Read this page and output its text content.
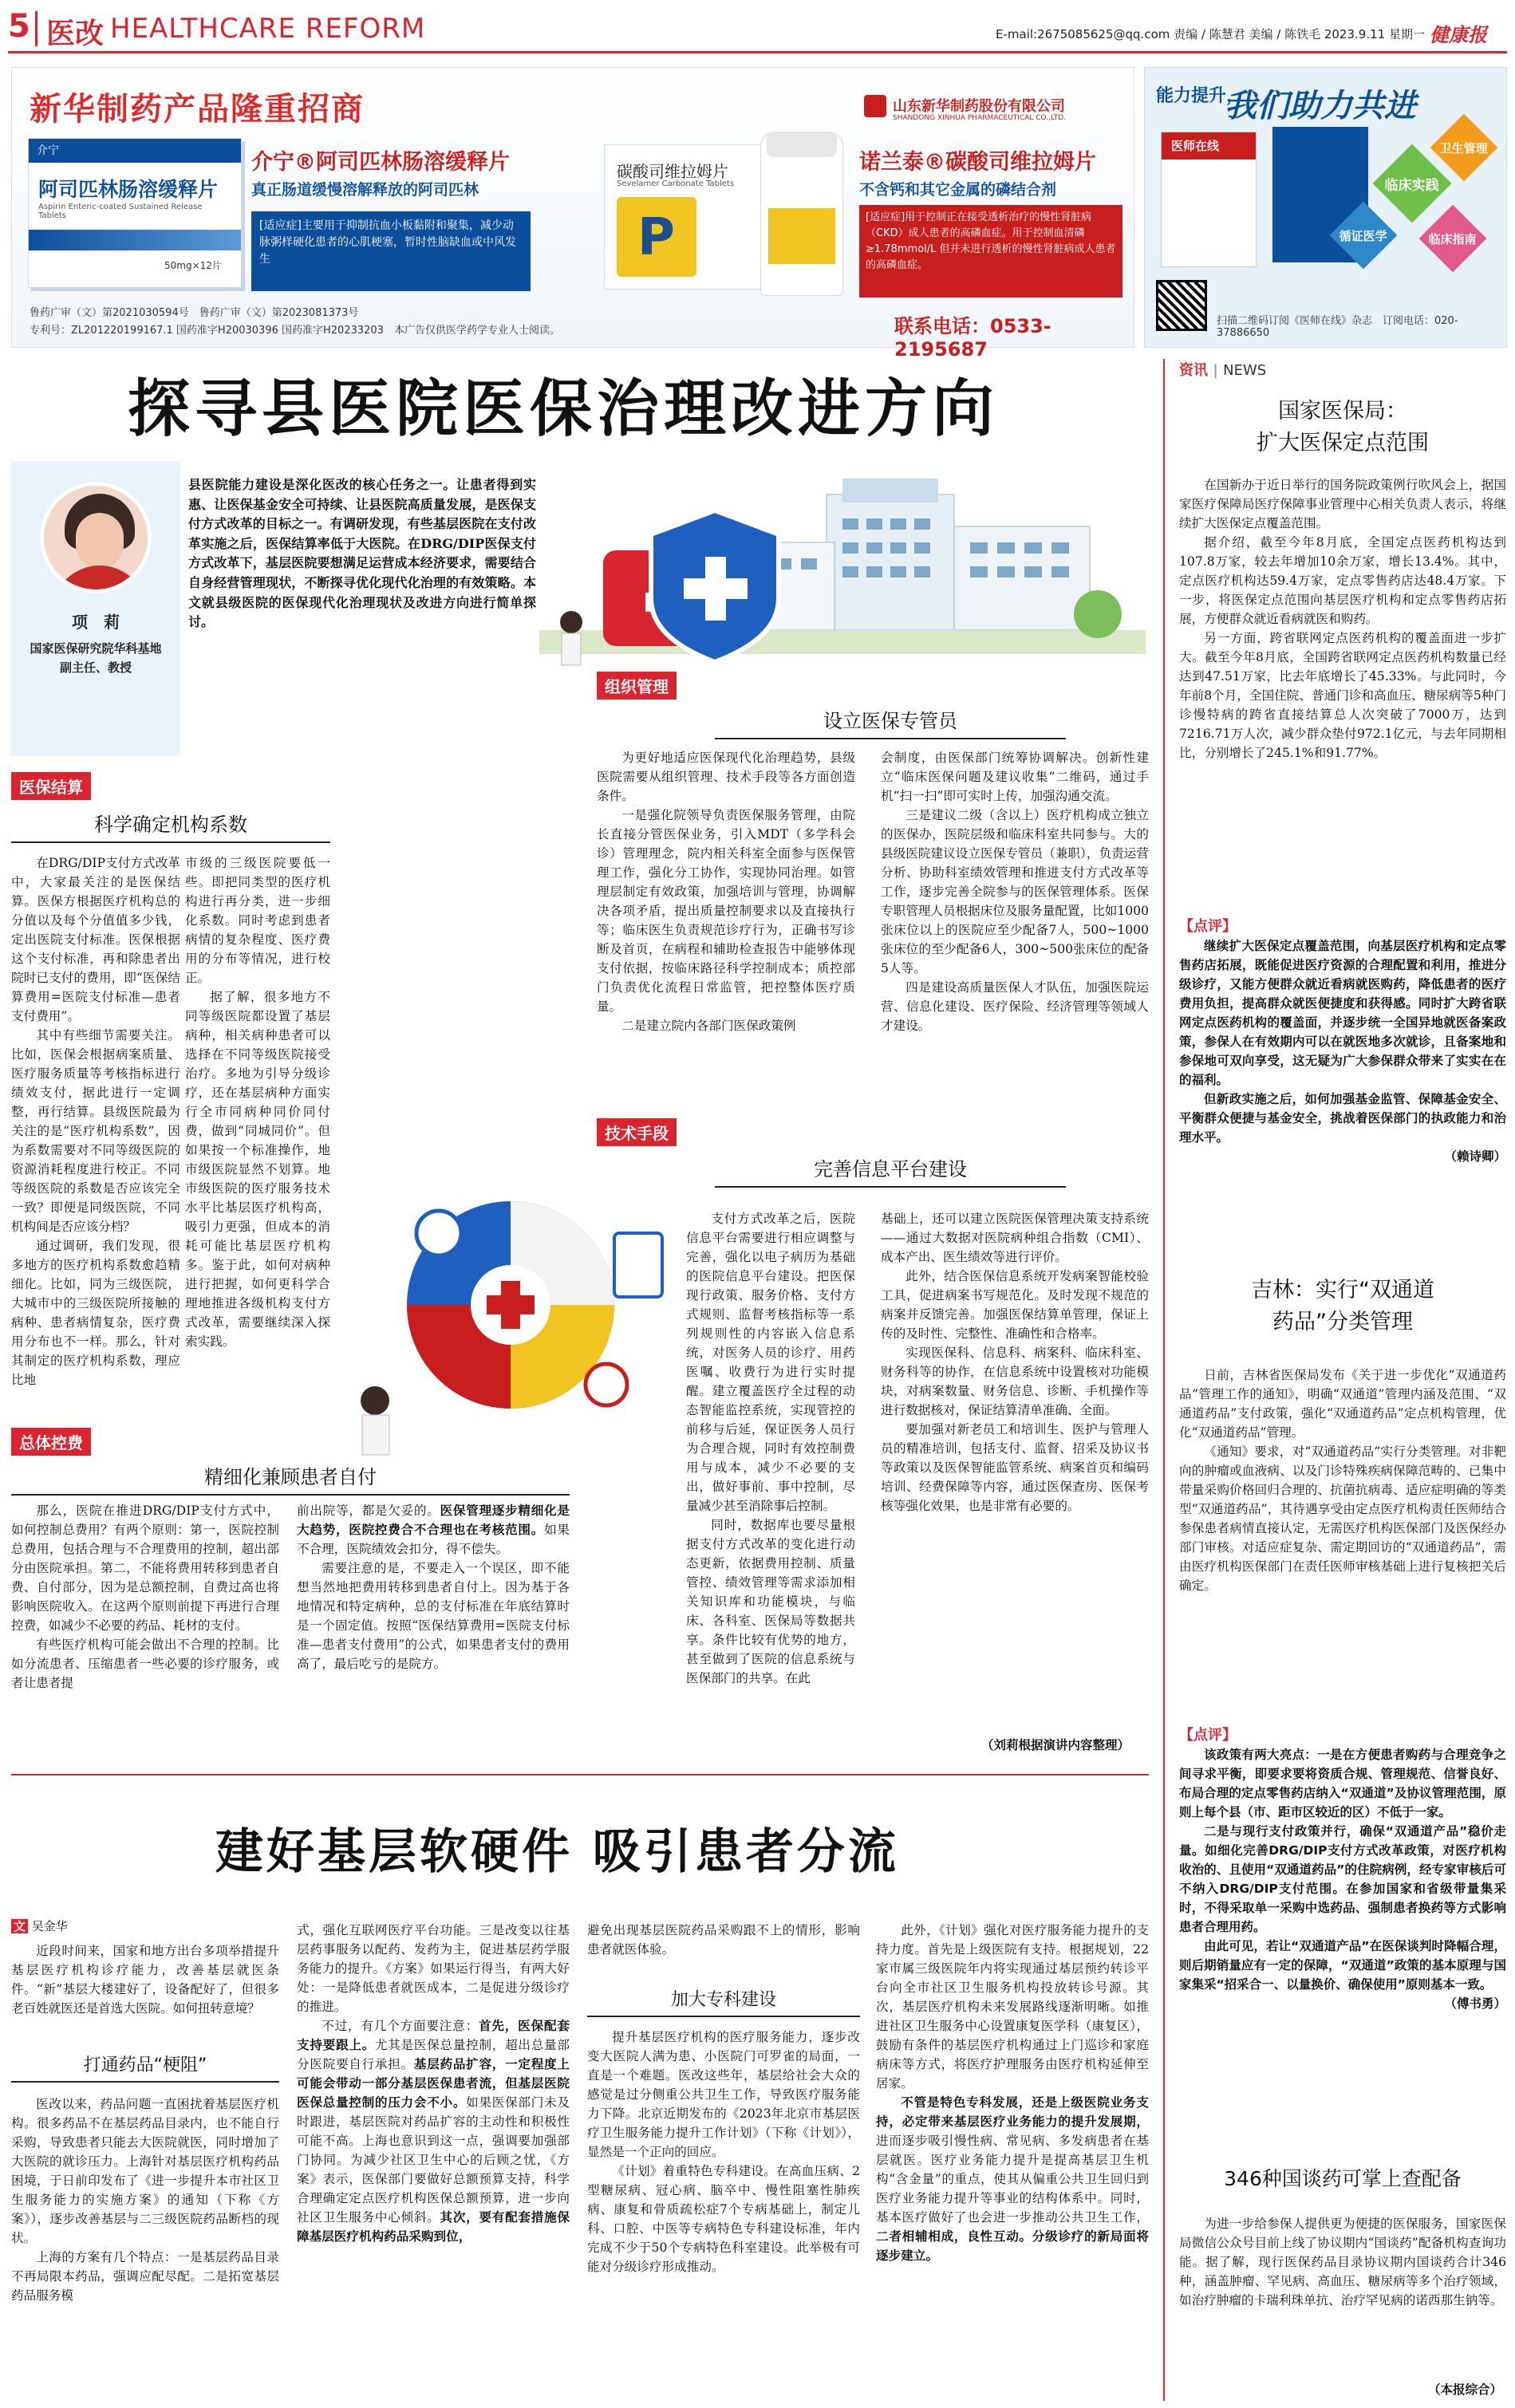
5 医改 HEALTHCARE REFORM	E-mail:2675085625@qq.com 责编 / 陈慧君 美编 / 陈铁毛 2023.9.11 星期一 健康报
新华制药产品隆重招商
介宁
阿司匹林肠溶缓释片
Aspirin Enteric-coated Sustained Release Tablets
50mg×12片
介宁®阿司匹林肠溶缓释片
真正肠道缓慢溶解释放的阿司匹林
[适应症]主要用于抑制抗血小板黏附和聚集，减少动脉粥样硬化患者的心肌梗塞，暂时性脑缺血或中风发生
碳酸司维拉姆片
Sevelamer Carbonate Tablets
P
山东新华制药股份有限公司
SHANDONG XINHUA PHARMACEUTICAL CO.,LTD.
诺兰泰®碳酸司维拉姆片
不含钙和其它金属的磷结合剂
[适应症]用于控制正在接受透析治疗的慢性肾脏病（CKD）成人患者的高磷血症。用于控制血清磷≥1.78mmol/L 但并未进行透析的慢性肾脏病成人患者的高磷血症。
鲁药广审（文）第2021030594号　鲁药广审（文）第2023081373号
专利号：ZL201220199167.1 国药准字H20030396 国药准字H20233203　本广告仅供医学药学专业人士阅读。	联系电话：0533-2195687
能力提升，
我们助力共进
医师在线
临床实践
循证医学
卫生管理
临床指南
扫描二维码订阅《医师在线》杂志　订阅电话：020-37886650
探寻县医院医保治理改进方向
项　莉
国家医保研究院华科基地
副主任、教授
县医院能力建设是深化医改的核心任务之一。让患者得到实惠、让医保基金安全可持续、让县医院高质量发展，是医保支付方式改革的目标之一。有调研发现，有些基层医院在支付改革实施之后，医保结算率低于大医院。在DRG/DIP医保支付方式改革下，基层医院要想满足运营成本经济要求，需要结合自身经营管理现状，不断探寻优化现代化治理的有效策略。本文就县级医院的医保现代化治理现状及改进方向进行简单探讨。
医保结算
科学确定机构系数

在DRG/DIP支付方式改革中，大家最关注的是医保结算。医保方根据医疗机构总的分值以及每个分值值多少钱，定出医院支付标准。医保根据这个支付标准，再和除患者出院时已支付的费用，即“医保结算费用=医院支付标准—患者支付费用”。

其中有些细节需要关注。比如，医保会根据病案质量、医疗服务质量等考核指标进行绩效支付，据此进行一定调整，再行结算。县级医院最为关注的是“医疗机构系数”，因为系数需要对不同等级医院的资源消耗程度进行校正。不同等级医院的系数是否应该完全一致？即便是同级医院，不同机构间是否应该分档？

通过调研，我们发现，很多地方的医疗机构系数愈趋精细化。比如，同为三级医院，大城市中的三级医院所接触的病种、患者病情复杂，医疗费用分布也不一样。那么，针对其制定的医疗机构系数，理应比地

市级的三级医院要低一些。即把同类型的医疗机构进行再分类，进一步细化系数。同时考虑到患者病情的复杂程度、医疗费用的分布等情况，进行校正。

据了解，很多地方不同等级医院都设置了基层病种，相关病种患者可以选择在不同等级医院接受治疗。多地为引导分级诊疗，还在基层病种方面实行全市同病种同价同付费，做到“同城同价”。但如果按一个标准操作，地市级医院显然不划算。地市级医院的医疗服务技术水平比基层医疗机构高，吸引力更强，但成本的消耗可能比基层医疗机构多。鉴于此，如何对病种进行把握，如何更科学合理地推进各级机构支付方式改革，需要继续深入探索实践。

组织管理
设立医保专管员

为更好地适应医保现代化治理趋势，县级医院需要从组织管理、技术手段等各方面创造条件。

一是强化院领导负责医保服务管理，由院长直接分管医保业务，引入MDT（多学科会诊）管理理念，院内相关科室全面参与医保管理工作，强化分工协作，实现协同治理。如管理层制定有效政策，加强培训与管理，协调解决各项矛盾，提出质量控制要求以及直接执行等；临床医生负责规范诊疗行为，正确书写诊断及首页，在病程和辅助检查报告中能够体现支付依据，按临床路径科学控制成本；质控部门负责优化流程日常监管，把控整体医疗质量。

二是建立院内各部门医保政策例

会制度，由医保部门统筹协调解决。创新性建立“临床医保问题及建议收集”二维码，通过手机“扫一扫”即可实时上传，加强沟通交流。

三是建议二级（含以上）医疗机构成立独立的医保办，医院层级和临床科室共同参与。大的县级医院建议设立医保专管员（兼职），负责运营分析、协助科室绩效管理和推进支付方式改革等工作，逐步完善全院参与的医保管理体系。医保专职管理人员根据床位及服务量配置，比如1000张床位以上的医院应至少配备7人，500~1000张床位的至少配备6人，300~500张床位的配备5人等。

四是建设高质量医保人才队伍，加强医院运营、信息化建设、医疗保险、经济管理等领域人才建设。

技术手段
完善信息平台建设

支付方式改革之后，医院信息平台需要进行相应调整与完善，强化以电子病历为基础的医院信息平台建设。把医保现行政策、服务价格、支付方式规则、监督考核指标等一系列规则性的内容嵌入信息系统，对医务人员的诊疗、用药医嘱、收费行为进行实时提醒。建立覆盖医疗全过程的动态智能监控系统，实现管控的前移与后延，保证医务人员行为合理合规，同时有效控制费用与成本，减少不必要的支出，做好事前、事中控制，尽量减少甚至消除事后控制。

同时，数据库也要尽量根据支付方式改革的变化进行动态更新，依据费用控制、质量管控、绩效管理等需求添加相关知识库和功能模块，与临床、各科室、医保局等数据共享。条件比较有优势的地方，甚至做到了医院的信息系统与医保部门的共享。在此

基础上，还可以建立医院医保管理决策支持系统——通过大数据对医院病种组合指数（CMI）、成本产出、医生绩效等进行评价。

此外，结合医保信息系统开发病案智能校验工具，促进病案书写规范化。及时发现不规范的病案并反馈完善。加强医保结算单管理，保证上传的及时性、完整性、准确性和合格率。

实现医保科、信息科、病案科、临床科室、财务科等的协作，在信息系统中设置核对功能模块，对病案数量、财务信息、诊断、手机操作等进行数据核对，保证结算清单准确、全面。

要加强对新老员工和培训生、医护与管理人员的精准培训，包括支付、监督、招采及协议书等政策以及医保智能监管系统、病案首页和编码培训、经费保障等内容，通过医保查房、医保考核等强化效果，也是非常有必要的。

（刘莉根据演讲内容整理）
总体控费
精细化兼顾患者自付

那么，医院在推进DRG/DIP支付方式中，如何控制总费用？有两个原则：第一，医院控制总费用，包括合理与不合理费用的控制，超出部分由医院承担。第二，不能将费用转移到患者自费、自付部分，因为是总额控制，自费过高也将影响医院收入。在这两个原则前提下再进行合理控费，如减少不必要的药品、耗材的支付。

有些医疗机构可能会做出不合理的控制。比如分流患者、压缩患者一些必要的诊疗服务，或者让患者提

前出院等，都是欠妥的。医保管理逐步精细化是大趋势，医院控费合不合理也在考核范围。如果不合理，医院绩效会扣分，得不偿失。

需要注意的是，不要走入一个误区，即不能想当然地把费用转移到患者自付上。因为基于各地情况和特定病种，总的支付标准在年底结算时是一个固定值。按照“医保结算费用=医院支付标准—患者支付费用”的公式，如果患者支付的费用高了，最后吃亏的是院方。

资讯 | NEWS
国家医保局：
扩大医保定点范围

在国新办于近日举行的国务院政策例行吹风会上，据国家医疗保障局医疗保障事业管理中心相关负责人表示，将继续扩大医保定点覆盖范围。

据介绍，截至今年8月底，全国定点医药机构达到107.8万家，较去年增加10余万家，增长13.4%。其中，定点医疗机构达59.4万家，定点零售药店达48.4万家。下一步，将医保定点范围向基层医疗机构和定点零售药店拓展，方便群众就近看病就医和购药。

另一方面，跨省联网定点医药机构的覆盖面进一步扩大。截至今年8月底，全国跨省联网定点医药机构数量已经达到47.51万家，比去年底增长了45.33%。与此同时，今年前8个月，全国住院、普通门诊和高血压、糖尿病等5种门诊慢特病的跨省直接结算总人次突破了7000万，达到7216.71万人次，减少群众垫付972.1亿元，与去年同期相比，分别增长了245.1%和91.77%。

【点评】

继续扩大医保定点覆盖范围，向基层医疗机构和定点零售药店拓展，既能促进医疗资源的合理配置和利用，推进分级诊疗，又能方便群众就近看病就医购药，降低患者的医疗费用负担，提高群众就医便捷度和获得感。同时扩大跨省联网定点医药机构的覆盖面，并逐步统一全国异地就医备案政策，参保人在有效期内可以在就医地多次就诊，且备案地和参保地可双向享受，这无疑为广大参保群众带来了实实在在的福利。

但新政实施之后，如何加强基金监管、保障基金安全、平衡群众便捷与基金安全，挑战着医保部门的执政能力和治理水平。

（赖诗卿）
吉林：实行“双通道
药品”分类管理

日前，吉林省医保局发布《关于进一步优化“双通道药品”管理工作的通知》，明确“双通道”管理内涵及范围、“双通道药品”支付政策，强化“双通道药品”定点机构管理，优化“双通道药品”管理。

《通知》要求，对“双通道药品”实行分类管理。对非靶向的肿瘤或血液病、以及门诊特殊疾病保障范畴的、已集中带量采购价格回归合理的、抗菌抗病毒、适应症明确的等类型“双通道药品”，其待遇享受由定点医疗机构责任医师结合参保患者病情直接认定，无需医疗机构医保部门及医保经办部门审核。对适应症复杂、需定期回访的“双通道药品”，需由医疗机构医保部门在责任医师审核基础上进行复核把关后确定。

【点评】

该政策有两大亮点：一是在方便患者购药与合理竞争之间寻求平衡，即要求要将资质合规、管理规范、信誉良好、布局合理的定点零售药店纳入“双通道”及协议管理范围，原则上每个县（市、距市区较近的区）不低于一家。

二是与现行支付政策并行，确保“双通道产品”稳价走量。如细化完善DRG/DIP支付方式改革政策，对医疗机构收治的、且使用“双通道药品”的住院病例，经专家审核后可不纳入DRG/DIP支付范围。在参加国家和省级带量集采时，不得采取单一采购中选药品、强制患者换药等方式影响患者合理用药。

由此可见，若让“双通道产品”在医保谈判时降幅合理，则后期销量应有一定的保障，“双通道”政策的基本原理与国家集采“招采合一、以量换价、确保使用”原则基本一致。

（傅书勇）
346种国谈药可掌上查配备

为进一步给参保人提供更为便捷的医保服务，国家医保局微信公众号目前上线了协议期内“国谈药”配备机构查询功能。据了解，现行医保药品目录协议期内国谈药合计346种，涵盖肿瘤、罕见病、高血压、糖尿病等多个治疗领域，如治疗肿瘤的卡瑞利珠单抗、治疗罕见病的诺西那生钠等。

（本报综合）
建好基层软硬件 吸引患者分流
文 吴金华

近段时间来，国家和地方出台多项举措提升基层医疗机构诊疗能力，改善基层就医条件。“新”基层大楼建好了，设备配好了，但很多老百姓就医还是首选大医院。如何扭转意境？

打通药品“梗阻”

医改以来，药品问题一直困扰着基层医疗机构。很多药品不在基层药品目录内，也不能自行采购，导致患者只能去大医院就医，同时增加了大医院的就诊压力。上海针对基层医疗机构药品困境，于日前印发布了《进一步提升本市社区卫生服务能力的实施方案》的通知（下称《方案》），逐步改善基层与二三级医院药品断档的现状。

上海的方案有几个特点：一是基层药品目录不再局限本药品，强调应配尽配。二是拓宽基层药品服务模

式，强化互联网医疗平台功能。三是改变以往基层药事服务以配药、发药为主，促进基层药学服务能力的提升。《方案》如果运行得当，有两大好处：一是降低患者就医成本，二是促进分级诊疗的推进。

不过，有几个方面要注意：首先，医保配套支持要跟上。尤其是医保总量控制，超出总量部分医院要自行承担。基层药品扩容，一定程度上可能会带动一部分基层医保患者流，但基层医院医保总量控制的压力会不小。如果医保部门未及时跟进，基层医院对药品扩容的主动性和积极性可能不高。上海也意识到这一点，强调要加强部门协同。为减少社区卫生中心的后顾之忧，《方案》表示，医保部门要做好总额预算支持，科学合理确定定点医疗机构医保总额预算，进一步向社区卫生服务中心倾斜。其次，要有配套措施保障基层医疗机构药品采购到位，

避免出现基层医院药品采购跟不上的情形，影响患者就医体验。

加大专科建设

提升基层医疗机构的医疗服务能力，逐步改变大医院人满为患、小医院门可罗雀的局面，一直是一个难题。医改这些年，基层给社会大众的感觉是过分侧重公共卫生工作，导致医疗服务能力下降。北京近期发布的《2023年北京市基层医疗卫生服务能力提升工作计划》（下称《计划》），显然是一个正向的回应。

《计划》着重特色专科建设。在高血压病、2型糖尿病、冠心病、脑卒中、慢性阻塞性肺疾病、康复和骨质疏松症7个专病基础上，制定儿科、口腔、中医等专病特色专科建设标准，年内完成不少于50个专病特色科室建设。此举极有可能对分级诊疗形成推动。

此外，《计划》强化对医疗服务能力提升的支持力度。首先是上级医院有支持。根据规划，22家市属三级医院年内将实现通过基层预约转诊平台向全市社区卫生服务机构投放转诊号源。其次，基层医疗机构未来发展路线逐渐明晰。如推进社区卫生服务中心设置康复医学科（康复区），鼓励有条件的基层医疗机构通过上门巡诊和家庭病床等方式，将医疗护理服务由医疗机构延伸至居家。

不管是特色专科发展，还是上级医院业务支持，必定带来基层医疗业务能力的提升发展期，进而逐步吸引慢性病、常见病、多发病患者在基层就医。医疗业务能力提升是提高基层卫生机构“含金量”的重点，使其从偏重公共卫生回归到医疗业务能力提升等事业的结构体系中。同时，基本医疗做好了也会进一步推动公共卫生工作，二者相辅相成，良性互动。分级诊疗的新局面将逐步建立。
